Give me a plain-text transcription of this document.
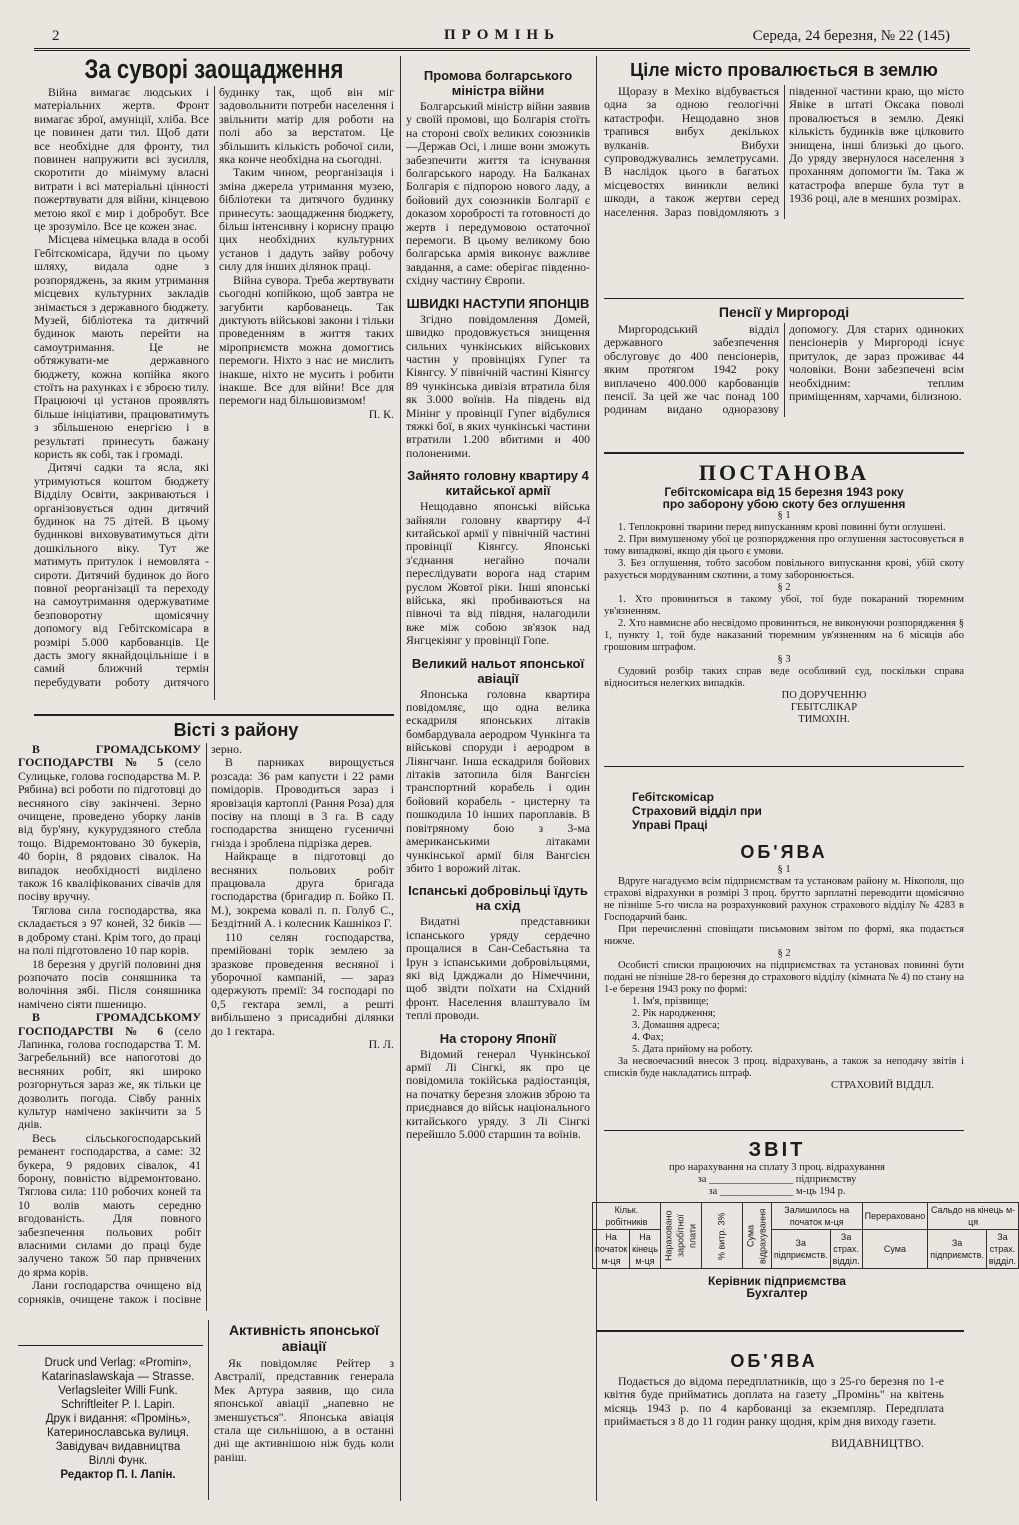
2	ПРОМІНЬ	Середа, 24 березня, № 22 (145)
За суворі заощадження

Війна вимагає людських і матеріальних жертв. Фронт вимагає зброї, амуніції, хліба. Все це повинен дати тил. Щоб дати все необхідне для фронту, тил повинен напружити всі зусилля, скоротити до мінімуму власні витрати і всі матеріальні цінності пожертвувати для війни, кінцевою метою якої є мир і добробут. Все це зрозуміло. Все це кожен знає.

Місцева німецька влада в особі Гебітскомісара, йдучи по цьому шляху, видала одне з розпоряджень, за яким утримання місцевих культурних закладів знімається з державного бюджету. Музей, бібліотека та дитячий будинок мають перейти на самоутримання. Це не обтяжувати-ме державного бюджету, кожна копійка якого стоїть на рахунках і є зброєю тилу. Працюючі ці установ проявлять більше ініціативи, працюватимуть з збільшеною енергією і в результаті принесуть бажану користь як собі, так і громаді.

Дитячі садки та ясла, які утримуються коштом бюджету Відділу Освіти, закриваються і організовується один дитячий будинок на 75 дітей. В цьому будинкові виховуватимуться діти дошкільного віку. Тут же матимуть притулок і немовлята - сироти. Дитячий будинок до його повної реорганізації та переходу на самоутримання одержуватиме безповоротну щомісячну допомогу від Гебітскомісара в розмірі 5.000 карбованців. Це дасть змогу якнайдоцільніше і в самий ближчий термін перебудувати роботу дитячого будинку так, щоб він міг задовольнити потреби населення і звільнити матір для роботи на полі або за верстатом. Це збільшить кількість робочої сили, яка конче необхідна на сьогодні.

Таким чином, реорганізація і зміна джерела утримання музею, бібліотеки та дитячого будинку принесуть: заощадження бюджету, більш інтенсивну і корисну працю цих необхідних культурних установ і дадуть зайву робочу силу для інших ділянок праці.

Війна сувора. Треба жертвувати сьогодні копійкою, щоб завтра не загубити карбованець. Так диктують військові закони і тільки проведенням в життя таких міроприємств можна домогтись перемоги. Ніхто з нас не мислить інакше, ніхто не мусить і робити інакше. Все для війни! Все для перемоги над більшовизмом!

П. К.

Вісті з району

В ГРОМАДСЬКОМУ ГОСПОДАРСТВІ № 5 (село Сулицьке, голова господарства М. Р. Рябина) всі роботи по підготовці до весняного сіву закінчені. Зерно очищене, проведено уборку ланів від бур'яну, кукурудзяного стебла тощо. Відремонтовано 30 букерів, 40 борін, 8 рядових сівалок. На випадок необхідності виділено також 16 кваліфікованих сівачів для посіву вручну.

Тяглова сила господарства, яка складається з 97 коней, 32 биків — в доброму стані. Крім того, до праці на полі підготовлено 10 пар корів.

18 березня у другій половині дня розпочато посів соняшника та волочіння зябі. Після соняшника намічено сіяти пшеницю.

В ГРОМАДСЬКОМУ ГОСПОДАРСТВІ № 6 (село Лапинка, голова господарства Т. М. Загребельний) все напоготові до весняних робіт, які широко розгорнуться зараз же, як тільки це дозволить погода. Сівбу ранніх культур намічено закінчити за 5 днів.

Весь сільськогосподарський реманент господарства, а саме: 32 букера, 9 рядових сівалок, 41 борону, повністю відремонтовано. Тяглова сила: 110 робочих коней та 10 волів мають середню вгодованість. Для повного забезпечення польових робіт власними силами до праці буде залучено також 50 пар привчених до ярма корів.

Лани господарства очищено від сорняків, очищене також і посівне зерно.

В парниках вирощується розсада: 36 рам капусти і 22 рами помідорів. Проводиться зараз і яровізація картоплі (Рання Роза) для посіву на площі в 3 га. В саду господарства знищено гусеничні гнізда і зроблена підрізка дерев.

Найкраще в підготовці до весняних польових робіт працювала друга бригада господарства (бригадир п. Бойко П. М.), зокрема ковалі п. п. Голуб С., Бездітний А. і колесник Кашнікоз Г.

110 селян господарства, премійовані торік землею за зразкове проведення весняної і уборочної кампаній, — зараз одержують премії: 34 господарі по 0,5 гектара землі, а решті вибільшено з присадибні ділянки до 1 гектара.

П. Л.

Druck und Verlag: «Promin»,
Katarinaslawskaja — Strasse.
Verlagsleiter Willi Funk.
Schriftleiter P. I. Lapin.
Друк і видання: «Промінь»,
Катеринославська вулиця.
Завідувач видавництва
Віллі Функ.
Редактор П. І. Лапін.
Активність японської авіації

Як повідомляє Рейтер з Австралії, представник генерала Мек Артура заявив, що сила японської авіації „напевно не зменшується". Японська авіація стала ще сильнішою, а в останні дні ще активнішою ніж будь коли раніш.

Промова болгарського міністра війни

Болгарський міністр війни заявив у своїй промові, що Болгарія стоїть на стороні своїх великих союзників—Держав Осі, і лише вони зможуть забезпечити життя та існування болгарського народу. На Балканах Болгарія є підпорою нового ладу, а бойовий дух союзників Болгарії є доказом хоробрості та готовності до жертв і передумовою остаточної перемоги. В цьому великому бою болгарська армія виконує важливе завдання, а саме: оберігає південно-східну частину Європи.

ШВИДКІ НАСТУПИ ЯПОНЦІВ

Згідно повідомлення Домей, швидко продовжується знищення сильних чункінських військових частин у провінціях Гупег та Кіянгсу. У північній частині Кіянгсу 89 чункінська дивізія втратила біля як 3.000 воїнів. На південь від Мінінг у провінції Гупег відбулися тяжкі бої, в яких чункінські частини втратили 1.200 вбитими и 400 полоненими.

Зайнято головну квартиру 4 китайської армії

Нещодавно японські війська зайняли головну квартиру 4-ї китайської армії у північній частині провінції Кіянгсу. Японські з'єднання негайно почали переслідувати ворога над старим руслом Жовтої ріки. Інші японські війська, які пробиваються на півночі та від півдня, налагодили вже між собою зв'язок над Янгцекіянг у провінції Гопе.

Великий нальот японської авіації

Японська головна квартира повідомляє, що одна велика ескадриля японських літаків бомбардувала аеродром Чункінга та військові споруди і аеродром в Ліянгчанг. Інша ескадриля бойових літаків затопила біля Вангсієн транспортний корабель і один бойовий корабель - цистерну та пошкодила 10 інших пароплавів. В повітряному бою з 3-ма американськими літаками чункінської армії біля Вангсієн збито 1 ворожий літак.

Іспанські добровільці їдуть на схід

Видатні представники іспанського уряду сердечно прощалися в Сан-Себастьяна та Ірун з іспанськими добровільцями, які від Іджджали до Німеччини, щоб звідти поїхати на Східний фронт. Населення влаштувало їм теплі проводи.

На сторону Японії

Відомий генерал Чункінської армії Лі Сінгкі, як про це повідомила токійська радіостанція, на початку березня зложив зброю та приєднався до військ національного китайського уряду. З Лі Сінгкі перейшло 5.000 старшин та воїнів.

Ціле місто провалюється в землю

Щоразу в Мехіко відбувається одна за одною геологічні катастрофи. Нещодавно знов трапився вибух декількох вулканів. Вибухи супроводжувались землетрусами. В наслідок цього в багатьох місцевостях виникли великі шкоди, а також жертви серед населення. Зараз повідомляють з південної частини краю, що місто Явіке в штаті Оксака поволі провалюється в землю. Деякі кількість будинків вже цілковито знищена, інші близькі до цього. До уряду звернулося населення з проханням допомогти їм. Така ж катастрофа вперше була тут в 1936 році, але в менших розмірах.

Пенсії у Миргороді

Миргородський відділ державного забезпечення обслуговує до 400 пенсіонерів, яким протягом 1942 року виплачено 400.000 карбованців пенсії. За цей же час понад 100 родинам видано одноразову допомогу. Для старих одиноких пенсіонерів у Миргороді існує притулок, де зараз проживає 44 чоловіки. Вони забезпечені всім необхідним: теплим приміщенням, харчами, білизною.

ПОСТАНОВА
Гебітскомісара від 15 березня 1943 року
про заборону убою скоту без оглушення

§ 1

1. Теплокровні тварини перед випусканням крові повинні бути оглушені.

2. При вимушеному убої це розпорядження про оглушення застосовується в тому випадкові, якщо дія цього є умови.

3. Без оглушення, тобто засобом повільного випускання крові, убій скоту рахується мордуванням скотини, а тому заборонюється.

§ 2

1. Хто провиниться в такому убої, тої буде покараний тюремним ув'язненням.

2. Хто навмисне або несвідомо провиниться, не виконуючи розпорядження § 1, пункту 1, той буде наказаний тюремним ув'язненням на 6 місяців або грошовим штрафом.

§ 3

Судовий розбір таких справ веде особливий суд, поскільки справа відноситься нелегких випадків.

ПО ДОРУЧЕННЮ

ГЕБІТСЛІКАР

ТИМОХІН.

Гебітскомісар
Страховий відділ при
Управі Праці
ОБ'ЯВА

§ 1

Вдруге нагадуємо всім підприємствам та установам району м. Нікополя, що страхові відрахунки в розмірі 3 проц. брутто зарплатні переводити щомісячно не пізніше 5-го числа на розрахунковий рахунок страхового відділу № 4283 в Господарчий банк.

При перечисленні сповіщати письмовим звітом по формі, яка подається нижче.

§ 2

Особисті списки працюючих на підприємствах та установах повинні бути подані не пізніше 28-го березня до страхового відділу (кімната № 4) по стану на 1-е березня 1943 року по формі:

1. Ім'я, прізвище;
2. Рік народження;
3. Домашня адреса;
4. Фах;
5. Дата прийому на роботу.

За несвоечасний внесок 3 проц. відрахувань, а також за неподачу звітів і списків буде накладатись штраф.

СТРАХОВИЙ ВІДДІЛ.

ЗВІТ

про нарахування на сплату 3 проц. відрахування

за ________________ підприємству

за ______________ м-ць 194 р.

Кільк. робітників		Нараховано заробітної плати	% витр. 3%	Сума відрахування	Залишилось на початок м-ця		Перераховано	Сальдо на кінець м-ця	
На початок м-ця	На кінець м-ця				За підприємств.	За страх. відділ.	Сума	За підприємств.	За страх. відділ.
Керівник підприємства
Бухгалтер
ОБ'ЯВА

Подається до відома передплатників, що з 25-го березня по 1-е квітня буде прийматись доплата на газету „Промінь" на квітень місяць 1943 р. по 4 карбованці за екземпляр. Передплата приймається з 8 до 11 годин ранку щодня, крім дня виходу газети.

ВИДАВНИЦТВО.
